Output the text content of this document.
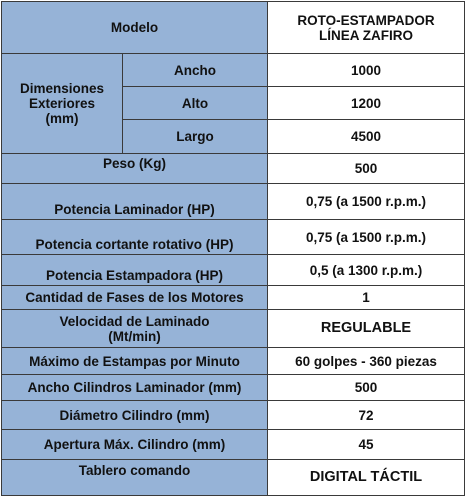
Modelo		ROTO-ESTAMPADOR
LÍNEA ZAFIRO
Dimensiones
Exteriores
(mm)	Ancho	1000
	Alto	1200
	Largo	4500
Peso (Kg)		500
Potencia Laminador (HP)		0,75 (a 1500 r.p.m.)
Potencia cortante rotativo (HP)		0,75 (a 1500 r.p.m.)
Potencia Estampadora (HP)		0,5 (a 1300 r.p.m.)
Cantidad de Fases de los Motores		1
Velocidad de Laminado
(Mt/min)		REGULABLE
Máximo de Estampas por Minuto		60 golpes - 360 piezas
Ancho Cilindros Laminador (mm)		500
Diámetro Cilindro (mm)		72
Apertura Máx. Cilindro (mm)		45
Tablero comando		DIGITAL TÁCTIL
